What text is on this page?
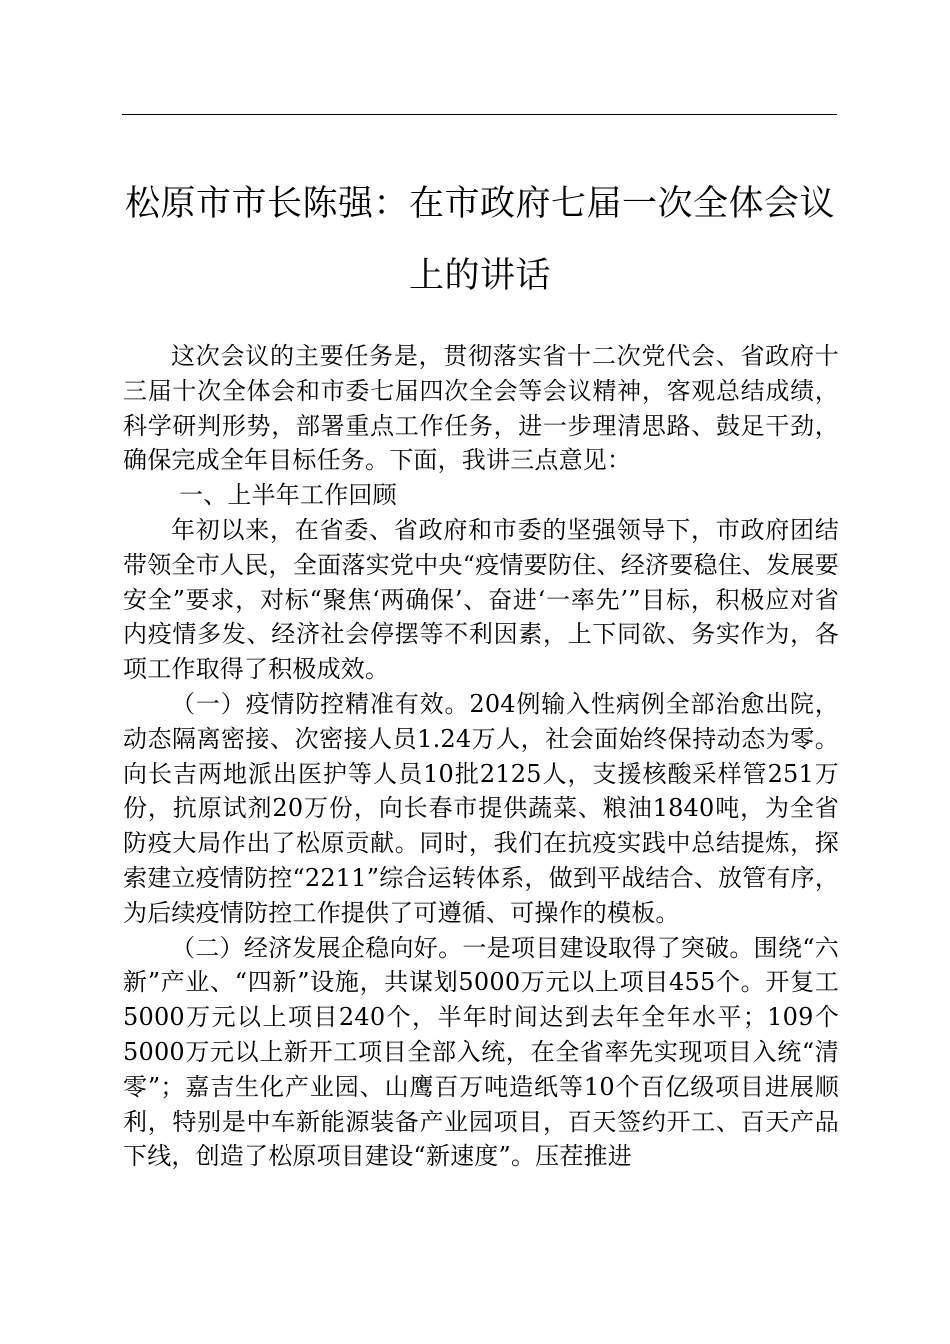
松原市市长陈强：在市政府七届一次全体会议上的讲话

这次会议的主要任务是，贯彻落实省十二次党代会、省政府十三届十次全体会和市委七届四次全会等会议精神，客观总结成绩，科学研判形势，部署重点工作任务，进一步理清思路、鼓足干劲，确保完成全年目标任务。下面，我讲三点意见：

一、上半年工作回顾

年初以来，在省委、省政府和市委的坚强领导下，市政府团结带领全市人民，全面落实党中央“疫情要防住、经济要稳住、发展要安全”要求，对标“聚焦‘两确保’、奋进‘一率先’”目标，积极应对省内疫情多发、经济社会停摆等不利因素，上下同欲、务实作为，各项工作取得了积极成效。

（一）疫情防控精准有效。204例输入性病例全部治愈出院，动态隔离密接、次密接人员1.24万人，社会面始终保持动态为零。向长吉两地派出医护等人员10批2125人，支援核酸采样管251万份，抗原试剂20万份，向长春市提供蔬菜、粮油1840吨，为全省防疫大局作出了松原贡献。同时，我们在抗疫实践中总结提炼，探索建立疫情防控“2211”综合运转体系，做到平战结合、放管有序，为后续疫情防控工作提供了可遵循、可操作的模板。

（二）经济发展企稳向好。一是项目建设取得了突破。围绕“六新”产业、“四新”设施，共谋划5000万元以上项目455个。开复工5000万元以上项目240个，半年时间达到去年全年水平；109个5000万元以上新开工项目全部入统，在全省率先实现项目入统“清零”；嘉吉生化产业园、山鹰百万吨造纸等10个百亿级项目进展顺利，特别是中车新能源装备产业园项目，百天签约开工、百天产品下线，创造了松原项目建设“新速度”。压茬推进
